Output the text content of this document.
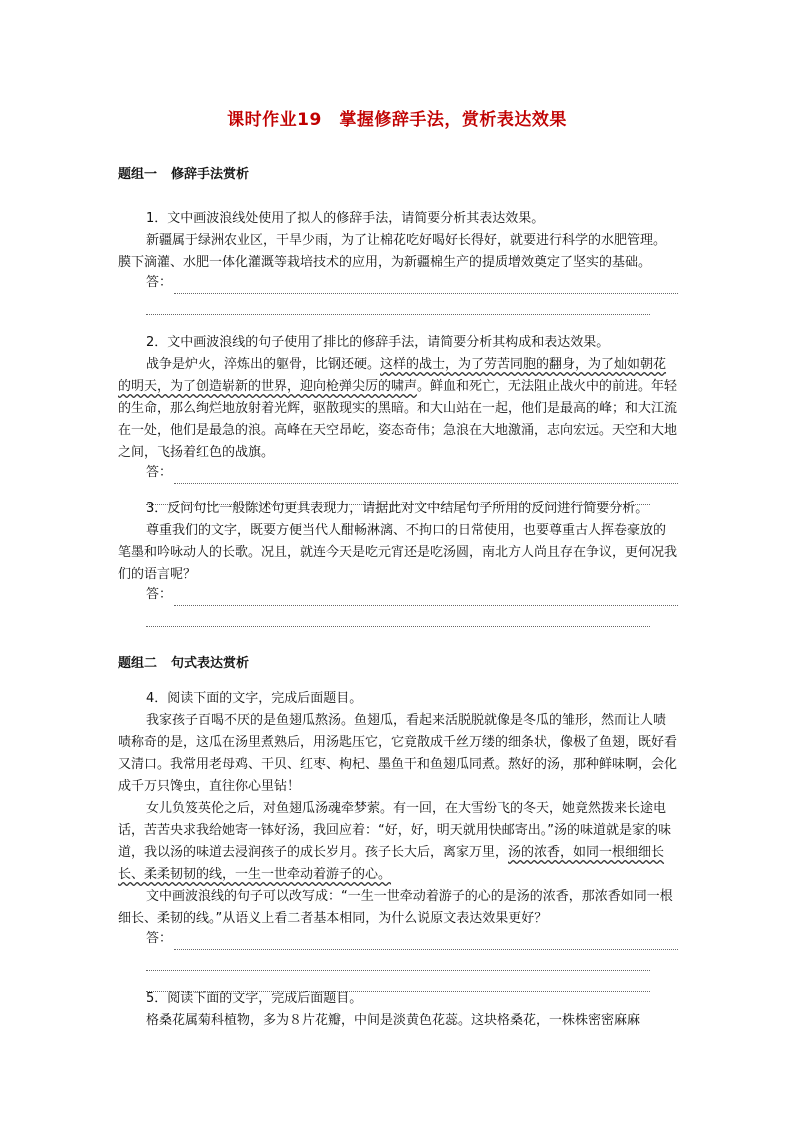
课时作业19　掌握修辞手法，赏析表达效果
题组一 修辞手法赏析

1．文中画波浪线处使用了拟人的修辞手法，请简要分析其表达效果。

新疆属于绿洲农业区，干旱少雨，为了让棉花吃好喝好长得好，就要进行科学的水肥管理。膜下滴灌、水肥一体化灌溉等栽培技术的应用，为新疆棉生产的提质增效奠定了坚实的基础。

答：

2．文中画波浪线的句子使用了排比的修辞手法，请简要分析其构成和表达效果。

战争是炉火，淬炼出的躯骨，比钢还硬。这样的战士，为了劳苦同胞的翻身，为了灿如朝花的明天，为了创造崭新的世界，迎向枪弹尖厉的啸声。鲜血和死亡，无法阻止战火中的前进。年轻的生命，那么绚烂地放射着光辉，驱散现实的黑暗。和大山站在一起，他们是最高的峰；和大江流在一处，他们是最急的浪。高峰在天空昂屹，姿态奇伟；急浪在大地激涌，志向宏远。天空和大地之间，飞扬着红色的战旗。

答：

3．反问句比一般陈述句更具表现力，请据此对文中结尾句子所用的反问进行简要分析。

尊重我们的文字，既要方便当代人酣畅淋漓、不拘口的日常使用，也要尊重古人挥卷豪放的笔墨和吟咏动人的长歌。况且，就连今天是吃元宵还是吃汤圆，南北方人尚且存在争议，更何况我们的语言呢？

答：
题组二 句式表达赏析

4．阅读下面的文字，完成后面题目。

我家孩子百喝不厌的是鱼翅瓜熬汤。鱼翅瓜，看起来活脱脱就像是冬瓜的雏形，然而让人啧啧称奇的是，这瓜在汤里煮熟后，用汤匙压它，它竟散成千丝万缕的细条状，像极了鱼翅，既好看又清口。我常用老母鸡、干贝、红枣、枸杞、墨鱼干和鱼翅瓜同煮。熬好的汤，那种鲜味啊，会化成千万只馋虫，直往你心里钻！

女儿负笈英伦之后，对鱼翅瓜汤魂牵梦萦。有一回，在大雪纷飞的冬天，她竟然拨来长途电话，苦苦央求我给她寄一钵好汤，我回应着：“好，好，明天就用快邮寄出。”汤的味道就是家的味道，我以汤的味道去浸润孩子的成长岁月。孩子长大后，离家万里，汤的浓香，如同一根细细长长、柔柔韧韧的线，一生一世牵动着游子的心。

文中画波浪线的句子可以改写成：“一生一世牵动着游子的心的是汤的浓香，那浓香如同一根细长、柔韧的线。”从语义上看二者基本相同，为什么说原文表达效果更好？

答：

5．阅读下面的文字，完成后面题目。

格桑花属菊科植物，多为８片花瓣，中间是淡黄色花蕊。这块格桑花，一株株密密麻麻
